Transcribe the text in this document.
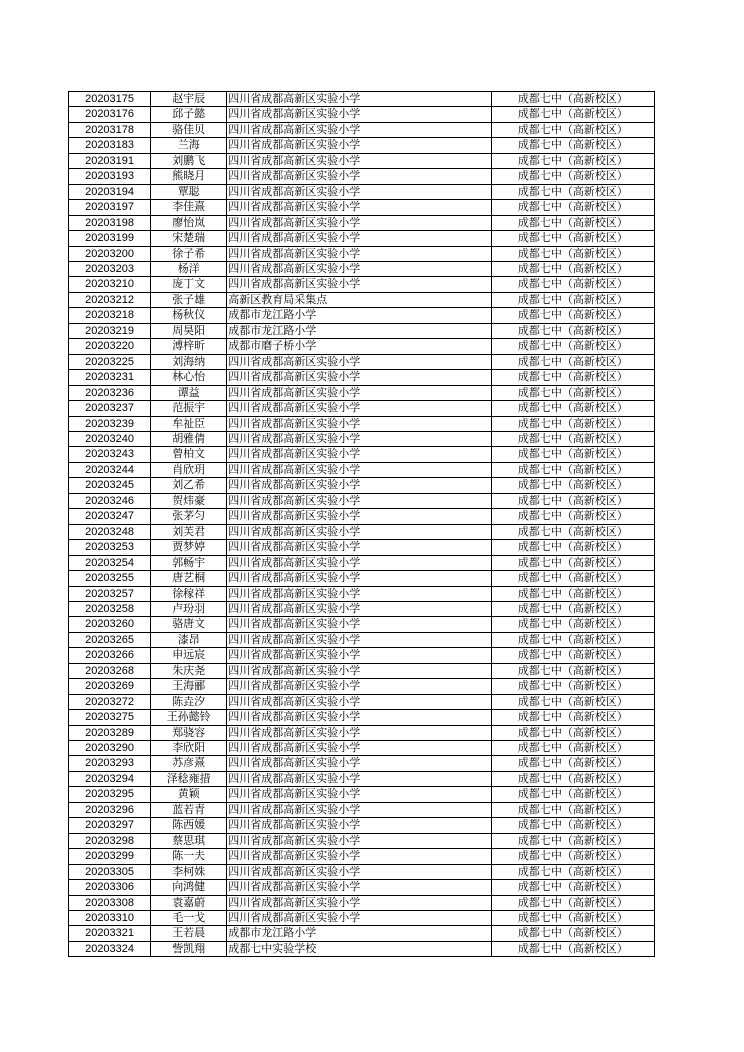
20203175	赵宇辰	四川省成都高新区实验小学	成都七中（高新校区）
20203176	邱子懿	四川省成都高新区实验小学	成都七中（高新校区）
20203178	骆佳贝	四川省成都高新区实验小学	成都七中（高新校区）
20203183	兰海	四川省成都高新区实验小学	成都七中（高新校区）
20203191	刘鹏飞	四川省成都高新区实验小学	成都七中（高新校区）
20203193	熊晓月	四川省成都高新区实验小学	成都七中（高新校区）
20203194	覃聪	四川省成都高新区实验小学	成都七中（高新校区）
20203197	李佳熹	四川省成都高新区实验小学	成都七中（高新校区）
20203198	廖怡岚	四川省成都高新区实验小学	成都七中（高新校区）
20203199	宋楚瑞	四川省成都高新区实验小学	成都七中（高新校区）
20203200	徐子希	四川省成都高新区实验小学	成都七中（高新校区）
20203203	杨洋	四川省成都高新区实验小学	成都七中（高新校区）
20203210	庞丁文	四川省成都高新区实验小学	成都七中（高新校区）
20203212	张子雄	高新区教育局采集点	成都七中（高新校区）
20203218	杨秋仪	成都市龙江路小学	成都七中（高新校区）
20203219	周昊阳	成都市龙江路小学	成都七中（高新校区）
20203220	溥梓昕	成都市磨子桥小学	成都七中（高新校区）
20203225	刘海纳	四川省成都高新区实验小学	成都七中（高新校区）
20203231	林心怡	四川省成都高新区实验小学	成都七中（高新校区）
20203236	谭益	四川省成都高新区实验小学	成都七中（高新校区）
20203237	范振宇	四川省成都高新区实验小学	成都七中（高新校区）
20203239	牟祉臣	四川省成都高新区实验小学	成都七中（高新校区）
20203240	胡雅倩	四川省成都高新区实验小学	成都七中（高新校区）
20203243	曾柏文	四川省成都高新区实验小学	成都七中（高新校区）
20203244	肖欣玥	四川省成都高新区实验小学	成都七中（高新校区）
20203245	刘乙希	四川省成都高新区实验小学	成都七中（高新校区）
20203246	贺炜豪	四川省成都高新区实验小学	成都七中（高新校区）
20203247	张茅匀	四川省成都高新区实验小学	成都七中（高新校区）
20203248	刘芙君	四川省成都高新区实验小学	成都七中（高新校区）
20203253	贾梦婷	四川省成都高新区实验小学	成都七中（高新校区）
20203254	郭畅宇	四川省成都高新区实验小学	成都七中（高新校区）
20203255	唐艺桐	四川省成都高新区实验小学	成都七中（高新校区）
20203257	徐稼祥	四川省成都高新区实验小学	成都七中（高新校区）
20203258	卢玢羽	四川省成都高新区实验小学	成都七中（高新校区）
20203260	骆唐文	四川省成都高新区实验小学	成都七中（高新校区）
20203265	漆昂	四川省成都高新区实验小学	成都七中（高新校区）
20203266	申远宸	四川省成都高新区实验小学	成都七中（高新校区）
20203268	朱庆尧	四川省成都高新区实验小学	成都七中（高新校区）
20203269	王海郦	四川省成都高新区实验小学	成都七中（高新校区）
20203272	陈垚汐	四川省成都高新区实验小学	成都七中（高新校区）
20203275	王孙懿铃	四川省成都高新区实验小学	成都七中（高新校区）
20203289	郑骁容	四川省成都高新区实验小学	成都七中（高新校区）
20203290	李欣阳	四川省成都高新区实验小学	成都七中（高新校区）
20203293	苏彦熹	四川省成都高新区实验小学	成都七中（高新校区）
20203294	泽稔雍措	四川省成都高新区实验小学	成都七中（高新校区）
20203295	黄颖	四川省成都高新区实验小学	成都七中（高新校区）
20203296	蓝若青	四川省成都高新区实验小学	成都七中（高新校区）
20203297	陈西媛	四川省成都高新区实验小学	成都七中（高新校区）
20203298	蔡思琪	四川省成都高新区实验小学	成都七中（高新校区）
20203299	陈一夫	四川省成都高新区实验小学	成都七中（高新校区）
20203305	李柯姝	四川省成都高新区实验小学	成都七中（高新校区）
20203306	向鸿健	四川省成都高新区实验小学	成都七中（高新校区）
20203308	袁嘉蔚	四川省成都高新区实验小学	成都七中（高新校区）
20203310	毛一戈	四川省成都高新区实验小学	成都七中（高新校区）
20203321	王若晨	成都市龙江路小学	成都七中（高新校区）
20203324	訾凯翔	成都七中实验学校	成都七中（高新校区）
